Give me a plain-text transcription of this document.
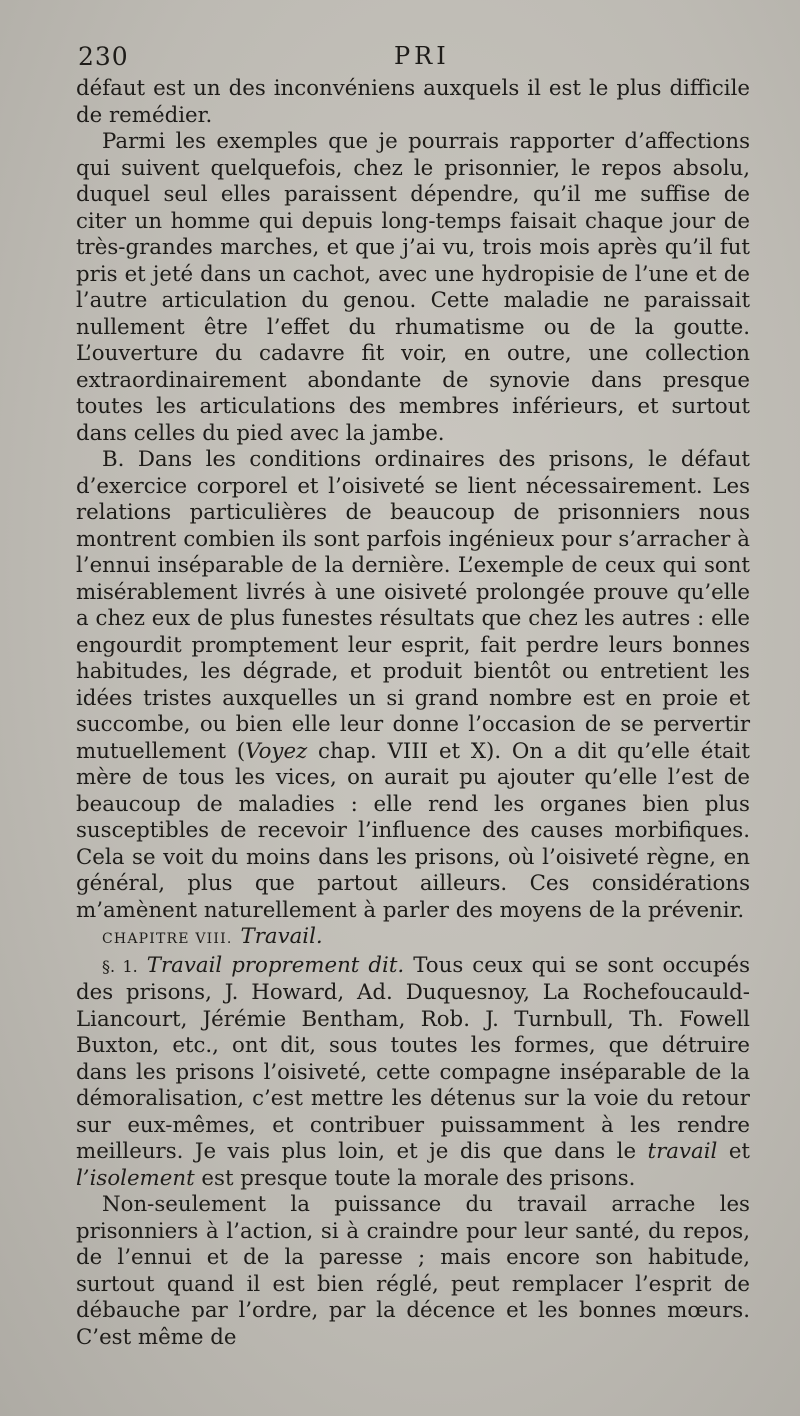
230	PRI

défaut est un des inconvéniens auxquels il est le plus difficile de remédier.

Parmi les exemples que je pourrais rapporter d’affections qui suivent quelquefois, chez le prisonnier, le repos absolu, duquel seul elles paraissent dépendre, qu’il me suffise de citer un homme qui depuis long-temps faisait chaque jour de très-grandes marches, et que j’ai vu, trois mois après qu’il fut pris et jeté dans un cachot, avec une hydropisie de l’une et de l’autre articulation du genou. Cette maladie ne paraissait nullement être l’effet du rhumatisme ou de la goutte. L’ouverture du cadavre fit voir, en outre, une collection extraordinairement abondante de synovie dans presque toutes les articulations des membres inférieurs, et surtout dans celles du pied avec la jambe.

B. Dans les conditions ordinaires des prisons, le défaut d’exercice corporel et l’oisiveté se lient nécessairement. Les relations particulières de beaucoup de prisonniers nous montrent combien ils sont parfois ingénieux pour s’arracher à l’ennui inséparable de la dernière. L’exemple de ceux qui sont misérablement livrés à une oisiveté prolongée prouve qu’elle a chez eux de plus funestes résultats que chez les autres : elle engourdit promptement leur esprit, fait perdre leurs bonnes habitudes, les dégrade, et produit bientôt ou entretient les idées tristes auxquelles un si grand nombre est en proie et succombe, ou bien elle leur donne l’occasion de se pervertir mutuellement (Voyez chap. VIII et X). On a dit qu’elle était mère de tous les vices, on aurait pu ajouter qu’elle l’est de beaucoup de maladies : elle rend les organes bien plus susceptibles de recevoir l’influence des causes morbifiques. Cela se voit du moins dans les prisons, où l’oisiveté règne, en général, plus que partout ailleurs. Ces considérations m’amènent naturellement à parler des moyens de la prévenir.

CHAPITRE VIII. Travail.

§. 1. Travail proprement dit. Tous ceux qui se sont occupés des prisons, J. Howard, Ad. Duquesnoy, La Rochefoucauld-Liancourt, Jérémie Bentham, Rob. J. Turnbull, Th. Fowell Buxton, etc., ont dit, sous toutes les formes, que détruire dans les prisons l’oisiveté, cette compagne inséparable de la démoralisation, c’est mettre les détenus sur la voie du retour sur eux-mêmes, et contribuer puissamment à les rendre meilleurs. Je vais plus loin, et je dis que dans le travail et l’isolement est presque toute la morale des prisons.

Non-seulement la puissance du travail arrache les prisonniers à l’action, si à craindre pour leur santé, du repos, de l’ennui et de la paresse ; mais encore son habitude, surtout quand il est bien réglé, peut remplacer l’esprit de débauche par l’ordre, par la décence et les bonnes mœurs. C’est même de
